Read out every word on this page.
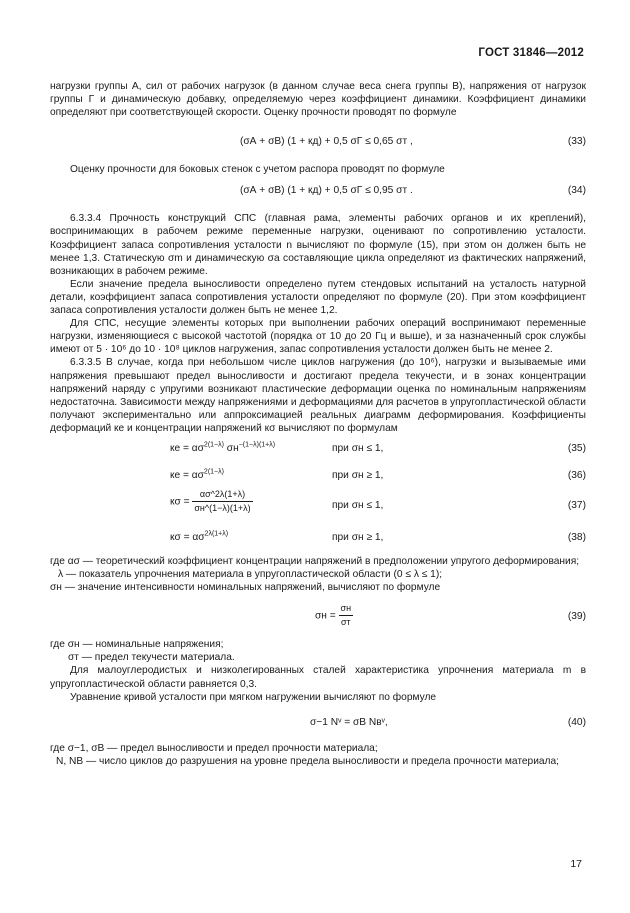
ГОСТ 31846—2012

нагрузки группы А, сил от рабочих нагрузок (в данном случае веса снега группы В), напряжения от нагрузок группы Г и динамическую добавку, определяемую через коэффициент динамики. Коэффициент динамики определяют при соответствующей скорости. Оценку прочности проводят по формуле

(σА + σВ) (1 + кд) + 0,5 σГ ≤ 0,65 σт ,	(33)

Оценку прочности для боковых стенок с учетом распора проводят по формуле

(σА + σВ) (1 + кд) + 0,5 σГ ≤ 0,95 σт .	(34)

6.3.3.4 Прочность конструкций СПС (главная рама, элементы рабочих органов и их креплений), воспринимающих в рабочем режиме переменные нагрузки, оценивают по сопротивлению усталости. Коэффициент запаса сопротивления усталости n вычисляют по формуле (15), при этом он должен быть не менее 1,3. Статическую σm и динамическую σa составляющие цикла определяют из фактических напряжений, возникающих в рабочем режиме.

Если значение предела выносливости определено путем стендовых испытаний на усталость натурной детали, коэффициент запаса сопротивления усталости определяют по формуле (20). При этом коэффициент запаса сопротивления усталости должен быть не менее 1,2.

Для СПС, несущие элементы которых при выполнении рабочих операций воспринимают переменные нагрузки, изменяющиеся с высокой частотой (порядка от 10 до 20 Гц и выше), и за назначенный срок службы имеют от 5 · 10⁶ до 10 · 10⁸ циклов нагружения, запас сопротивления усталости должен быть не менее 2.

6.3.3.5 В случае, когда при небольшом числе циклов нагружения (до 10⁶), нагрузки и вызываемые ими напряжения превышают предел выносливости и достигают предела текучести, и в зонах концентрации напряжений наряду с упругими возникают пластические деформации оценка по номинальным напряжениям недостаточна. Зависимости между напряжениями и деформациями для расчетов в упругопластической области получают экспериментально или аппроксимацией реальных диаграмм деформирования. Коэффициенты деформаций кe и концентрации напряжений кσ вычисляют по формулам

кe = $\alpha\sigma^{2(1-\lambda)}$ $\sigma н^{-(1-\lambda)(1+\lambda)}$	при σн ≤ 1,	(35)
кe = $\alpha\sigma^{2(1-\lambda)}$	при σн ≥ 1,	(36)
$к\sigma = \frac{\alpha\sigma\^{}2\lambda(1+\lambda)}{\sigma н\^{}(1-\lambda)(1+\lambda)}$	при σн ≤ 1,	(37)
$к\sigma = \alpha\sigma^{2\lambda(1+\lambda)}$	при σн ≥ 1,	(38)

где ασ — теоретический коэффициент концентрации напряжений в предположении упругого деформирования;

λ — показатель упрочнения материала в упругопластической области (0 ≤ λ ≤ 1);

σн — значение интенсивности номинальных напряжений, вычисляют по формуле

$\sigma н = \frac{\sigma н}{\sigma т}$	(39)

где σн — номинальные напряжения;

σт — предел текучести материала.

Для малоуглеродистых и низколегированных сталей характеристика упрочнения материала m в упругопластической области равняется 0,3.

Уравнение кривой усталости при мягком нагружении вычисляют по формуле

σ−1 Nᵛ = σВ Nвᵛ,	(40)

где σ−1, σВ — предел выносливости и предел прочности материала;

N, NВ — число циклов до разрушения на уровне предела выносливости и предела прочности материала;

17
